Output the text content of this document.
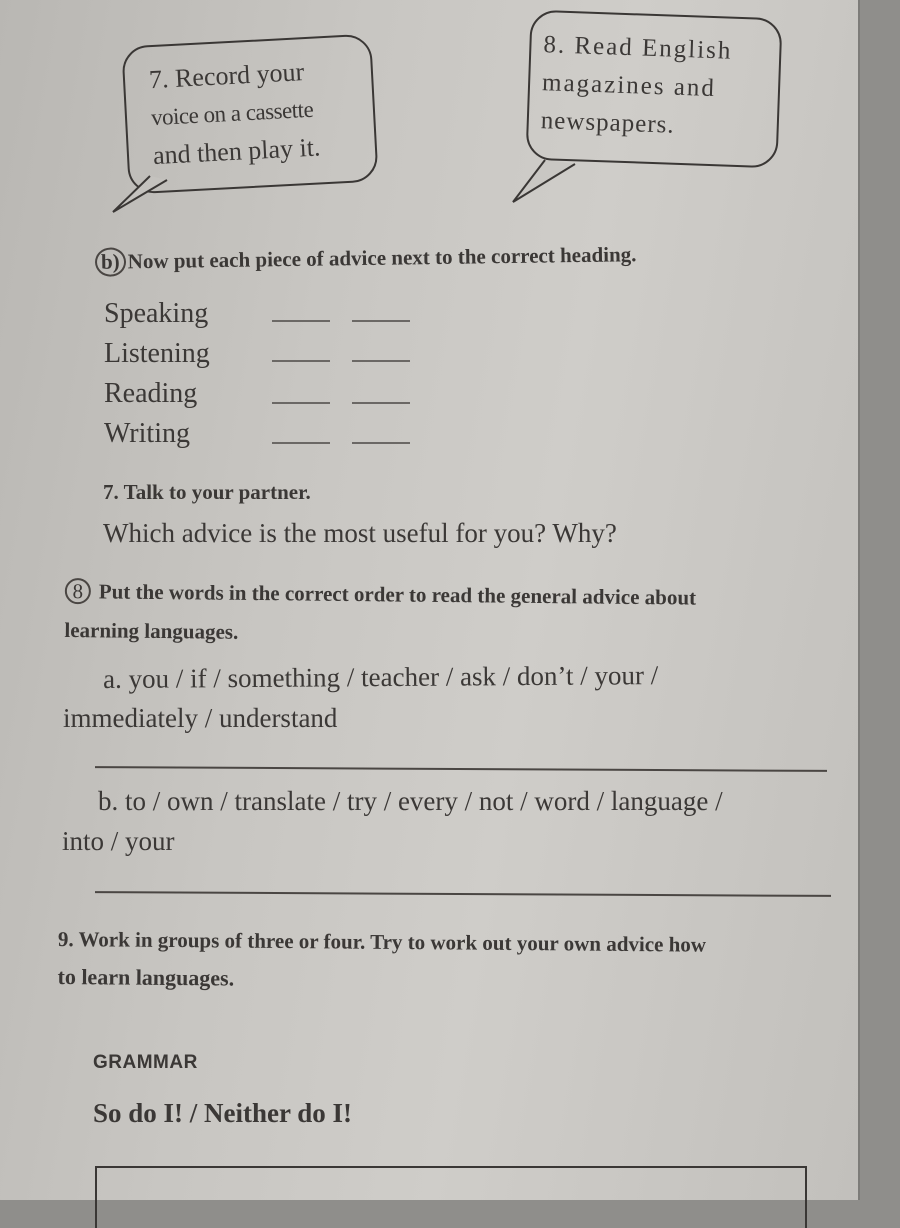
7. Record your
voice on a cassette
and then play it.
8. Read English
magazines and
newspapers.
b) Now put each piece of advice next to the correct heading.
Speaking
Listening
Reading
Writing
7. Talk to your partner.
Which advice is the most useful for you? Why?
8 Put the words in the correct order to read the general advice about
learning languages.
a. you / if / something / teacher / ask / don’t / your /
immediately / understand
b. to / own / translate / try / every / not / word / language /
into / your
9. Work in groups of three or four. Try to work out your own advice how
to learn languages.
GRAMMAR
So do I! / Neither do I!
